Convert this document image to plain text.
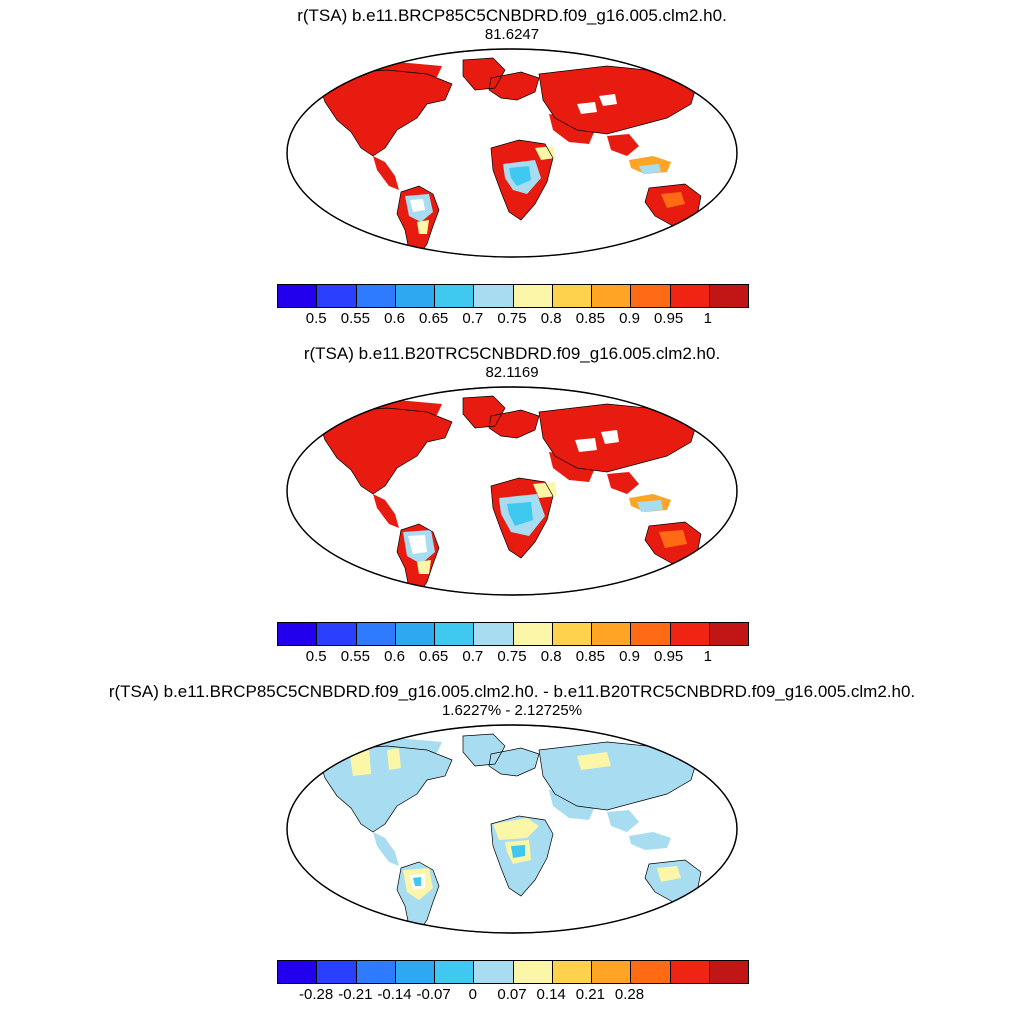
r(TSA) b.e11.BRCP85C5CNBDRD.f09_g16.005.clm2.h0.
81.6247
0.5 0.55 0.6 0.65 0.7 0.75 0.8 0.85 0.9 0.95 1
r(TSA) b.e11.B20TRC5CNBDRD.f09_g16.005.clm2.h0.
82.1169
0.5 0.55 0.6 0.65 0.7 0.75 0.8 0.85 0.9 0.95 1
r(TSA) b.e11.BRCP85C5CNBDRD.f09_g16.005.clm2.h0. - b.e11.B20TRC5CNBDRD.f09_g16.005.clm2.h0.
1.6227% - 2.12725%
-0.28 -0.21 -0.14 -0.07 0 0.07 0.14 0.21 0.28
